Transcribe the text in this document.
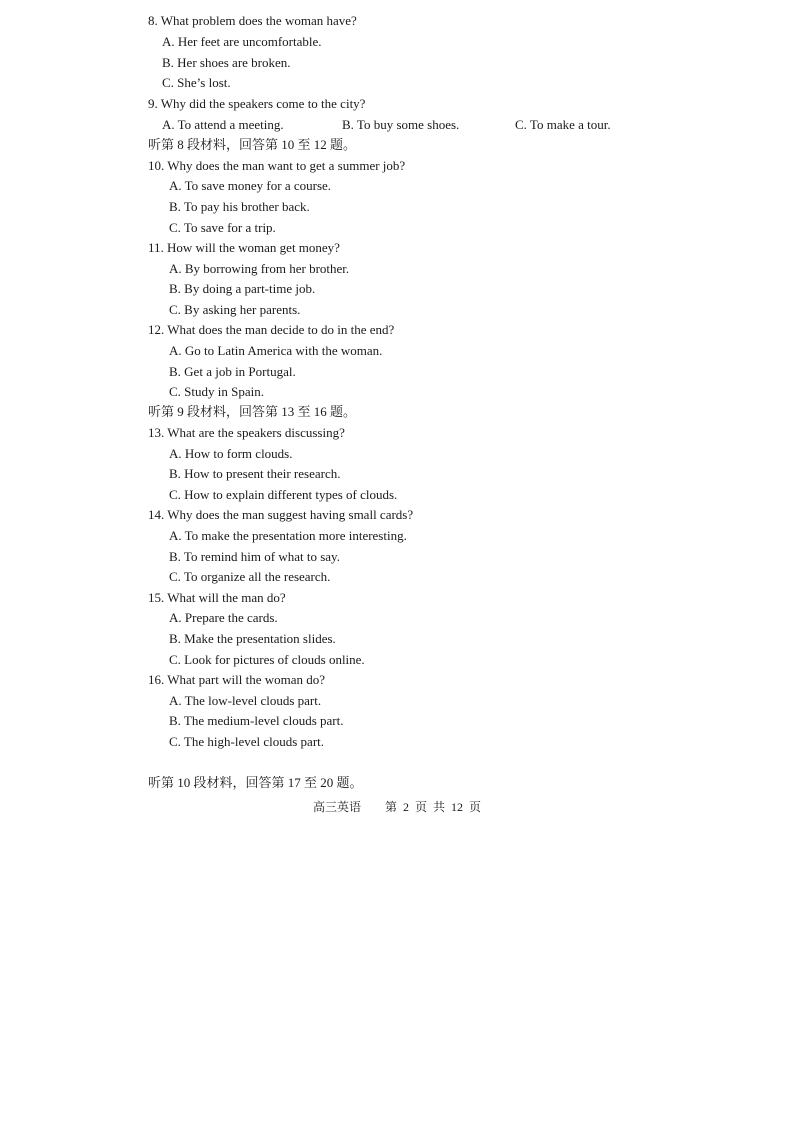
8. What problem does the woman have?
A. Her feet are uncomfortable.
B. Her shoes are broken.
C. She’s lost.
9. Why did the speakers come to the city?
A. To attend a meeting.	B. To buy some shoes.	C. To make a tour.
听第 8 段材料，回答第 10 至 12 题。
10. Why does the man want to get a summer job?
A. To save money for a course.
B. To pay his brother back.
C. To save for a trip.
11. How will the woman get money?
A. By borrowing from her brother.
B. By doing a part-time job.
C. By asking her parents.
12. What does the man decide to do in the end?
A. Go to Latin America with the woman.
B. Get a job in Portugal.
C. Study in Spain.
听第 9 段材料，回答第 13 至 16 题。
13. What are the speakers discussing?
A. How to form clouds.
B. How to present their research.
C. How to explain different types of clouds.
14. Why does the man suggest having small cards?
A. To make the presentation more interesting.
B. To remind him of what to say.
C. To organize all the research.
15. What will the man do?
A. Prepare the cards.
B. Make the presentation slides.
C. Look for pictures of clouds online.
16. What part will the woman do?
A. The low-level clouds part.
B. The medium-level clouds part.
C. The high-level clouds part.
听第 10 段材料，回答第 17 至 20 题。
高三英语 第  2  页  共  12  页
